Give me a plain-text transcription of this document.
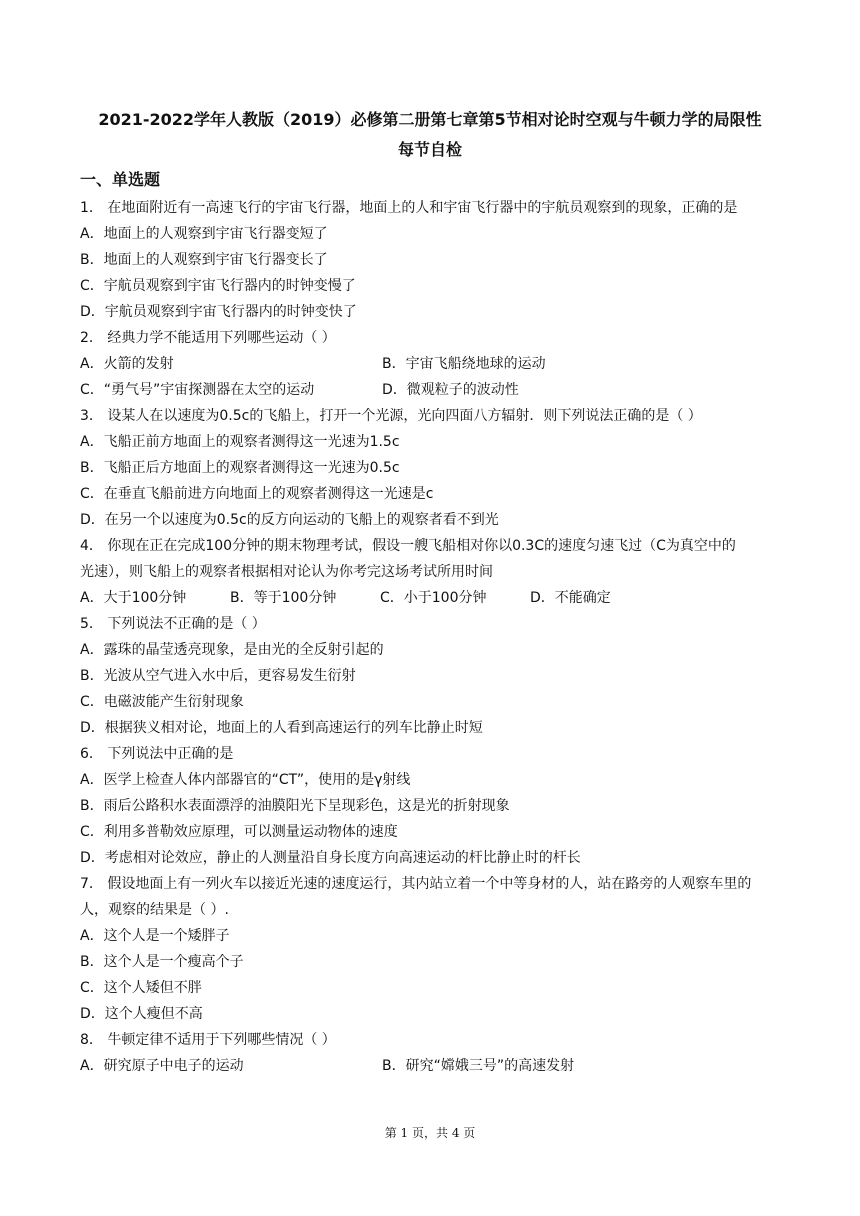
2021-2022学年人教版（2019）必修第二册第七章第5节相对论时空观与牛顿力学的局限性
每节自检
一、单选题
1． 在地面附近有一高速飞行的宇宙飞行器，地面上的人和宇宙飞行器中的宇航员观察到的现象，正确的是
A．地面上的人观察到宇宙飞行器变短了
B．地面上的人观察到宇宙飞行器变长了
C．宇航员观察到宇宙飞行器内的时钟变慢了
D．宇航员观察到宇宙飞行器内的时钟变快了
2． 经典力学不能适用下列哪些运动（ ）
A．火箭的发射	B．宇宙飞船绕地球的运动
C．“勇气号”宇宙探测器在太空的运动	D．微观粒子的波动性
3． 设某人在以速度为0.5c的飞船上，打开一个光源，光向四面八方辐射．则下列说法正确的是（ ）
A．飞船正前方地面上的观察者测得这一光速为1.5c
B．飞船正后方地面上的观察者测得这一光速为0.5c
C．在垂直飞船前进方向地面上的观察者测得这一光速是c
D．在另一个以速度为0.5c的反方向运动的飞船上的观察者看不到光
4． 你现在正在完成100分钟的期末物理考试，假设一艘飞船相对你以0.3C的速度匀速飞过（C为真空中的
光速），则飞船上的观察者根据相对论认为你考完这场考试所用时间
A．大于100分钟	B．等于100分钟	C．小于100分钟	D．不能确定
5． 下列说法不正确的是（ ）
A．露珠的晶莹透亮现象，是由光的全反射引起的
B．光波从空气进入水中后，更容易发生衍射
C．电磁波能产生衍射现象
D．根据狭义相对论，地面上的人看到高速运行的列车比静止时短
6． 下列说法中正确的是
A．医学上检查人体内部器官的“CT”，使用的是γ射线
B．雨后公路积水表面漂浮的油膜阳光下呈现彩色，这是光的折射现象
C．利用多普勒效应原理，可以测量运动物体的速度
D．考虑相对论效应，静止的人测量沿自身长度方向高速运动的杆比静止时的杆长
7． 假设地面上有一列火车以接近光速的速度运行，其内站立着一个中等身材的人，站在路旁的人观察车里的
人，观察的结果是（ ）.
A．这个人是一个矮胖子
B．这个人是一个瘦高个子
C．这个人矮但不胖
D．这个人瘦但不高
8． 牛顿定律不适用于下列哪些情况（ ）
A．研究原子中电子的运动	B．研究“嫦娥三号”的高速发射
第 1 页，共 4 页
